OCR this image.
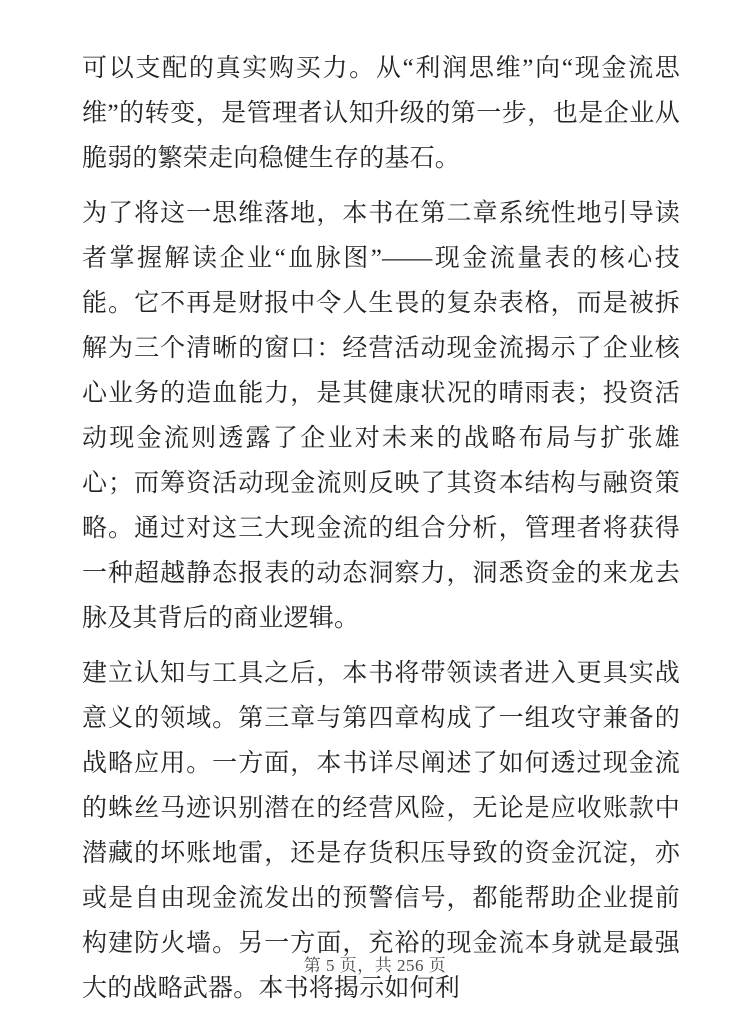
可以支配的真实购买力。从“利润思维”向“现金流思维”的转变，是管理者认知升级的第一步，也是企业从脆弱的繁荣走向稳健生存的基石。

为了将这一思维落地，本书在第二章系统性地引导读者掌握解读企业“血脉图”——现金流量表的核心技能。它不再是财报中令人生畏的复杂表格，而是被拆解为三个清晰的窗口：经营活动现金流揭示了企业核心业务的造血能力，是其健康状况的晴雨表；投资活动现金流则透露了企业对未来的战略布局与扩张雄心；而筹资活动现金流则反映了其资本结构与融资策略。通过对这三大现金流的组合分析，管理者将获得一种超越静态报表的动态洞察力，洞悉资金的来龙去脉及其背后的商业逻辑。

建立认知与工具之后，本书将带领读者进入更具实战意义的领域。第三章与第四章构成了一组攻守兼备的战略应用。一方面，本书详尽阐述了如何透过现金流的蛛丝马迹识别潜在的经营风险，无论是应收账款中潜藏的坏账地雷，还是存货积压导致的资金沉淀，亦或是自由现金流发出的预警信号，都能帮助企业提前构建防火墙。另一方面，充裕的现金流本身就是最强大的战略武器。本书将揭示如何利

第 5 页，共 256 页
